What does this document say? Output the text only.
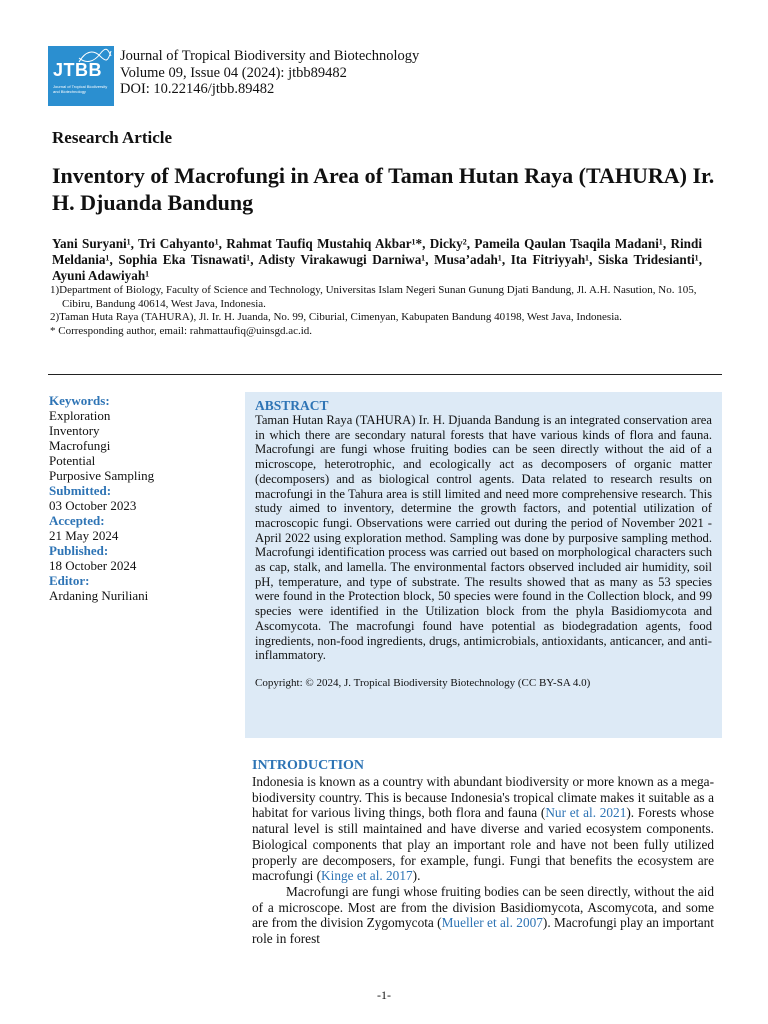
JTBB
Journal of Tropical Biodiversity and Biotechnology
Journal of Tropical Biodiversity and Biotechnology
Volume 09, Issue 04 (2024): jtbb89482
DOI: 10.22146/jtbb.89482
Research Article
Inventory of Macrofungi in Area of Taman Hutan Raya (TAHURA) Ir. H. Djuanda Bandung
Yani Suryani¹, Tri Cahyanto¹, Rahmat Taufiq Mustahiq Akbar¹*, Dicky², Pameila Qaulan Tsaqila Madani¹, Rindi Meldania¹, Sophia Eka Tisnawati¹, Adisty Virakawugi Darniwa¹, Musa’adah¹, Ita Fitriyyah¹, Siska Tridesianti¹, Ayuni Adawiyah¹
1)Department of Biology, Faculty of Science and Technology, Universitas Islam Negeri Sunan Gunung Djati Bandung, Jl. A.H. Nasution, No. 105, Cibiru, Bandung 40614, West Java, Indonesia.
2)Taman Huta Raya (TAHURA), Jl. Ir. H. Juanda, No. 99, Ciburial, Cimenyan, Kabupaten Bandung 40198, West Java, Indonesia.
* Corresponding author, email: rahmattaufiq@uinsgd.ac.id.
Keywords:
Exploration
Inventory
Macrofungi
Potential
Purposive Sampling
Submitted:
03 October 2023
Accepted:
21 May 2024
Published:
18 October 2024
Editor:
Ardaning Nuriliani
ABSTRACT
Taman Hutan Raya (TAHURA) Ir. H. Djuanda Bandung is an integrated conservation area in which there are secondary natural forests that have various kinds of flora and fauna. Macrofungi are fungi whose fruiting bodies can be seen directly without the aid of a microscope, heterotrophic, and ecologically act as decomposers of organic matter (decomposers) and as biological control agents. Data related to research results on macrofungi in the Tahura area is still limited and need more comprehensive research. This study aimed to inventory, determine the growth factors, and potential utilization of macroscopic fungi. Observations were carried out during the period of November 2021 - April 2022 using exploration method. Sampling was done by purposive sampling method. Macrofungi identification process was carried out based on morphological characters such as cap, stalk, and lamella. The environmental factors observed included air humidity, soil pH, temperature, and type of substrate. The results showed that as many as 53 species were found in the Protection block, 50 species were found in the Collection block, and 99 species were identified in the Utilization block from the phyla Basidiomycota and Ascomycota. The macrofungi found have potential as biodegradation agents, food ingredients, non-food ingredients, drugs, antimicrobials, antioxidants, anticancer, and anti-inflammatory.
Copyright: © 2024, J. Tropical Biodiversity Biotechnology (CC BY-SA 4.0)
INTRODUCTION

Indonesia is known as a country with abundant biodiversity or more known as a mega-biodiversity country. This is because Indonesia's tropical climate makes it suitable as a habitat for various living things, both flora and fauna (Nur et al. 2021). Forests whose natural level is still maintained and have diverse and varied ecosystem components. Biological components that play an important role and have not been fully utilized properly are decomposers, for example, fungi. Fungi that benefits the ecosystem are macrofungi (Kinge et al. 2017).

Macrofungi are fungi whose fruiting bodies can be seen directly, without the aid of a microscope. Most are from the division Basidiomycota, Ascomycota, and some are from the division Zygomycota (Mueller et al. 2007). Macrofungi play an important role in forest

-1-
